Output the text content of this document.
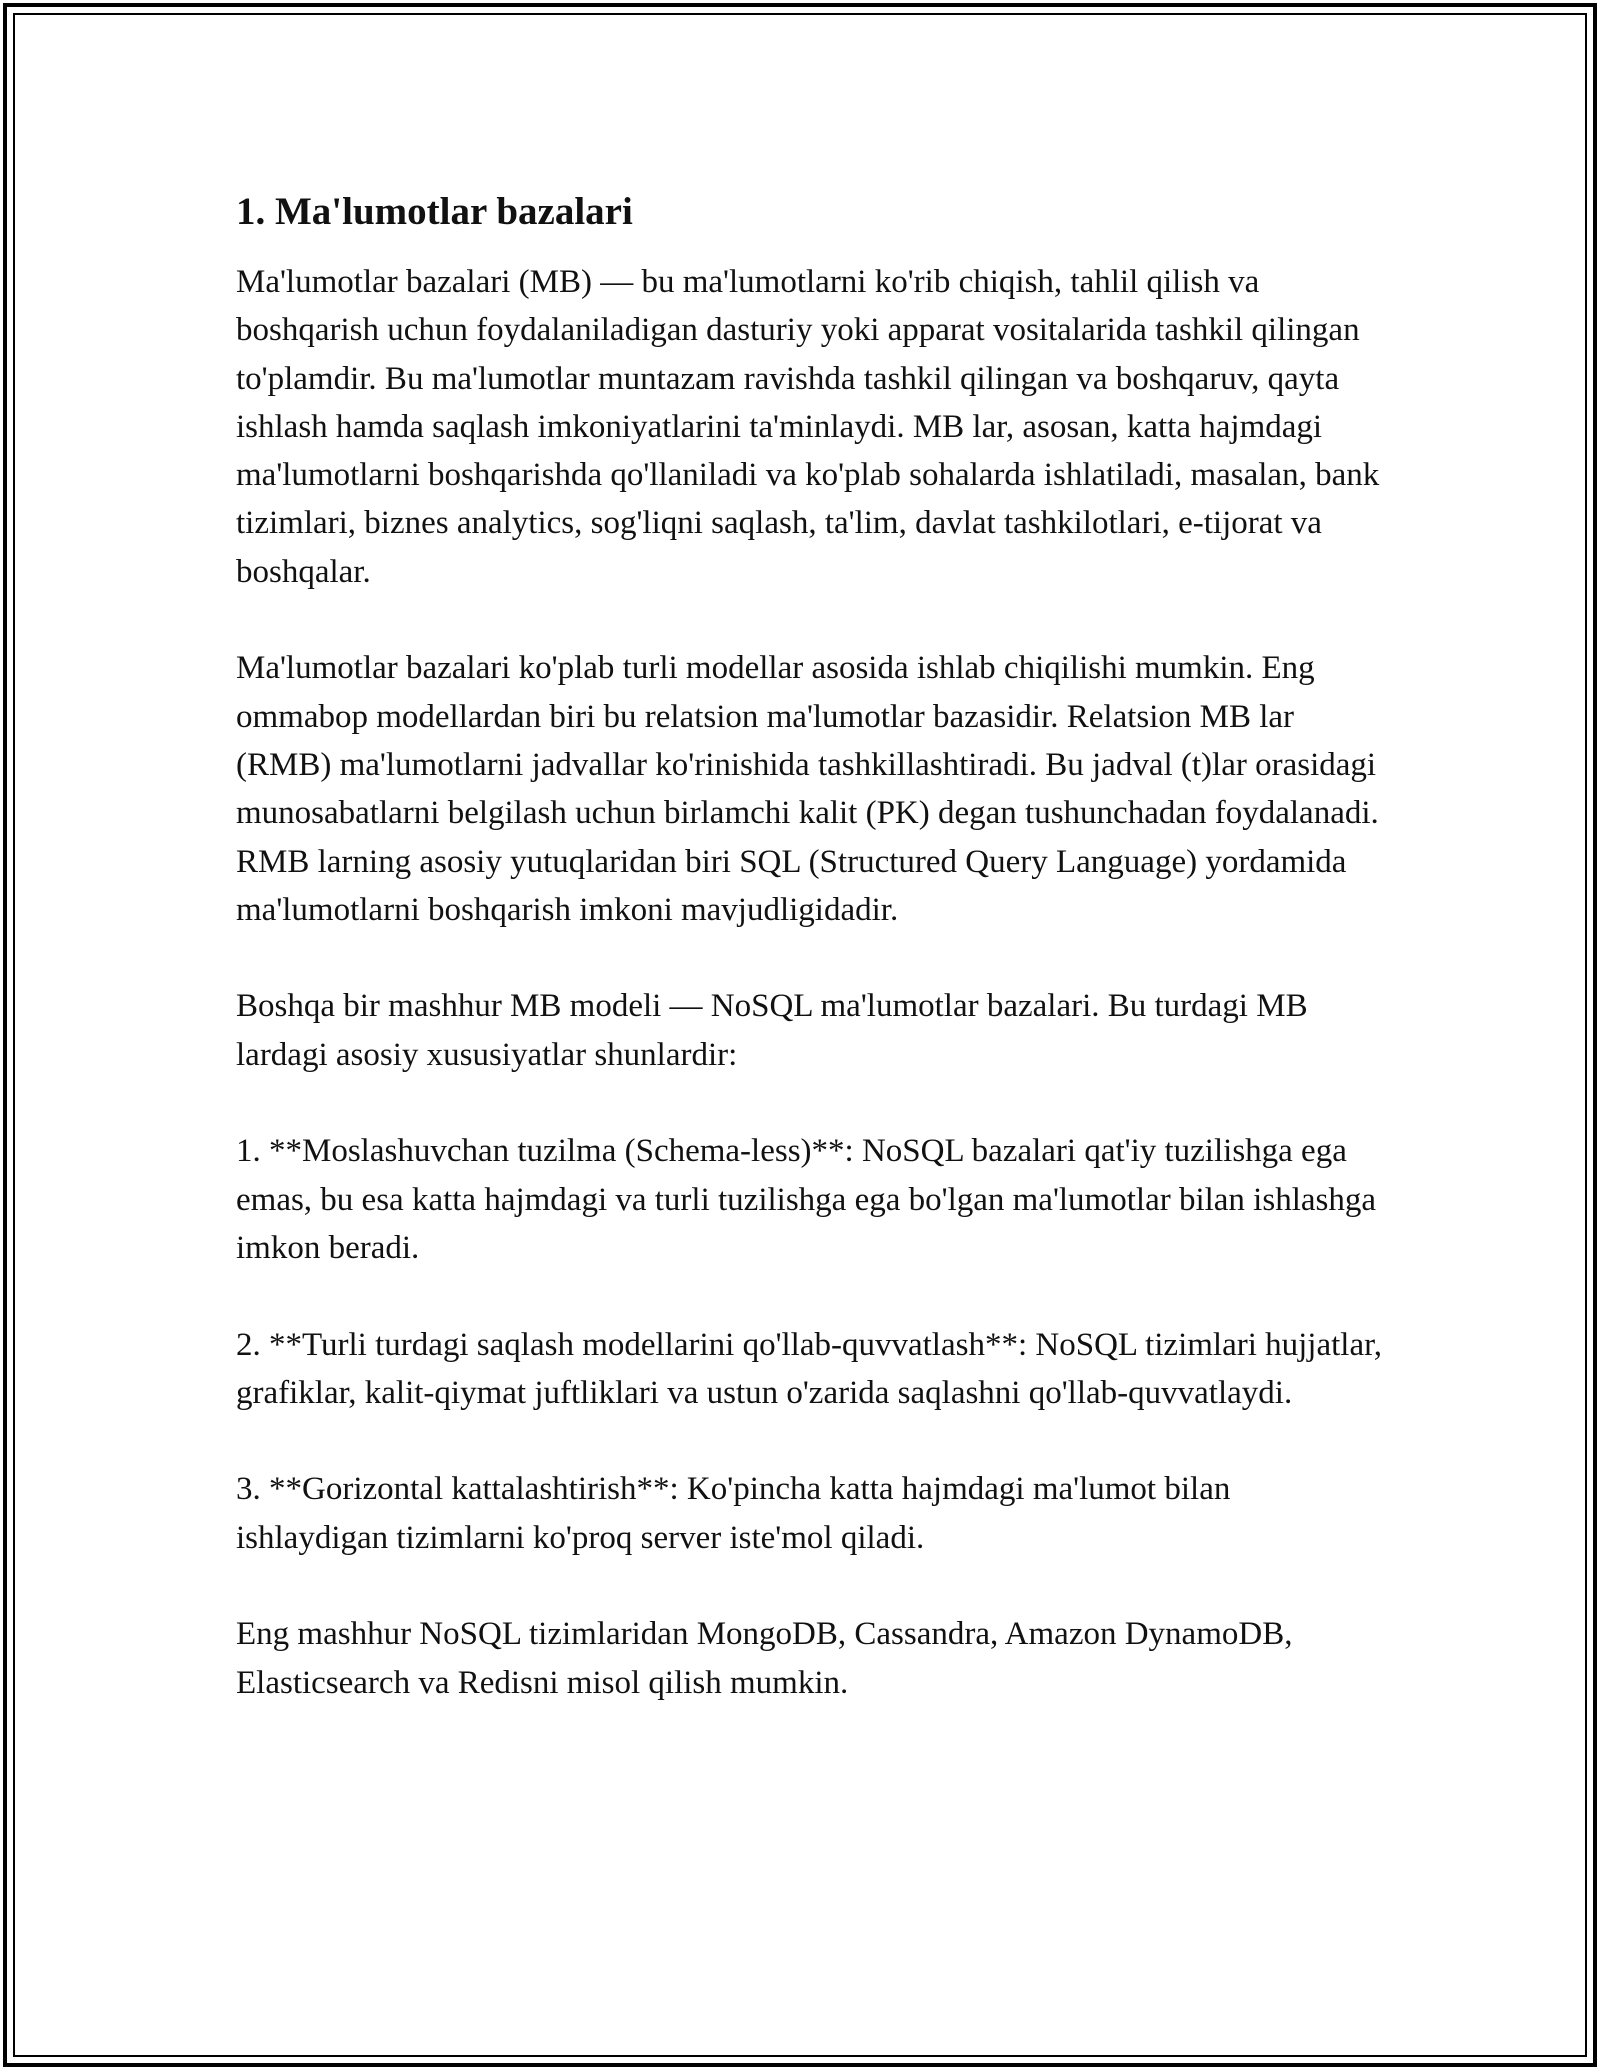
1. Ma'lumotlar bazalari

Ma'lumotlar bazalari (MB) — bu ma'lumotlarni ko'rib chiqish, tahlil qilish va boshqarish uchun foydalaniladigan dasturiy yoki apparat vositalarida tashkil qilingan to'plamdir. Bu ma'lumotlar muntazam ravishda tashkil qilingan va boshqaruv, qayta ishlash hamda saqlash imkoniyatlarini ta'minlaydi. MB lar, asosan, katta hajmdagi ma'lumotlarni boshqarishda qo'llaniladi va ko'plab sohalarda ishlatiladi, masalan, bank tizimlari, biznes analytics, sog'liqni saqlash, ta'lim, davlat tashkilotlari, e-tijorat va boshqalar.

Ma'lumotlar bazalari ko'plab turli modellar asosida ishlab chiqilishi mumkin. Eng ommabop modellardan biri bu relatsion ma'lumotlar bazasidir. Relatsion MB lar (RMB) ma'lumotlarni jadvallar ko'rinishida tashkillashtiradi. Bu jadval (t)lar orasidagi munosabatlarni belgilash uchun birlamchi kalit (PK) degan tushunchadan foydalanadi. RMB larning asosiy yutuqlaridan biri SQL (Structured Query Language) yordamida ma'lumotlarni boshqarish imkoni mavjudligidadir.

Boshqa bir mashhur MB modeli — NoSQL ma'lumotlar bazalari. Bu turdagi MB lardagi asosiy xususiyatlar shunlardir:

1. **Moslashuvchan tuzilma (Schema-less)**: NoSQL bazalari qat'iy tuzilishga ega emas, bu esa katta hajmdagi va turli tuzilishga ega bo'lgan ma'lumotlar bilan ishlashga imkon beradi.

2. **Turli turdagi saqlash modellarini qo'llab-quvvatlash**: NoSQL tizimlari hujjatlar, grafiklar, kalit-qiymat juftliklari va ustun o'zarida saqlashni qo'llab-quvvatlaydi.

3. **Gorizontal kattalashtirish**: Ko'pincha katta hajmdagi ma'lumot bilan ishlaydigan tizimlarni ko'proq server iste'mol qiladi.

Eng mashhur NoSQL tizimlaridan MongoDB, Cassandra, Amazon DynamoDB, Elasticsearch va Redisni misol qilish mumkin.
